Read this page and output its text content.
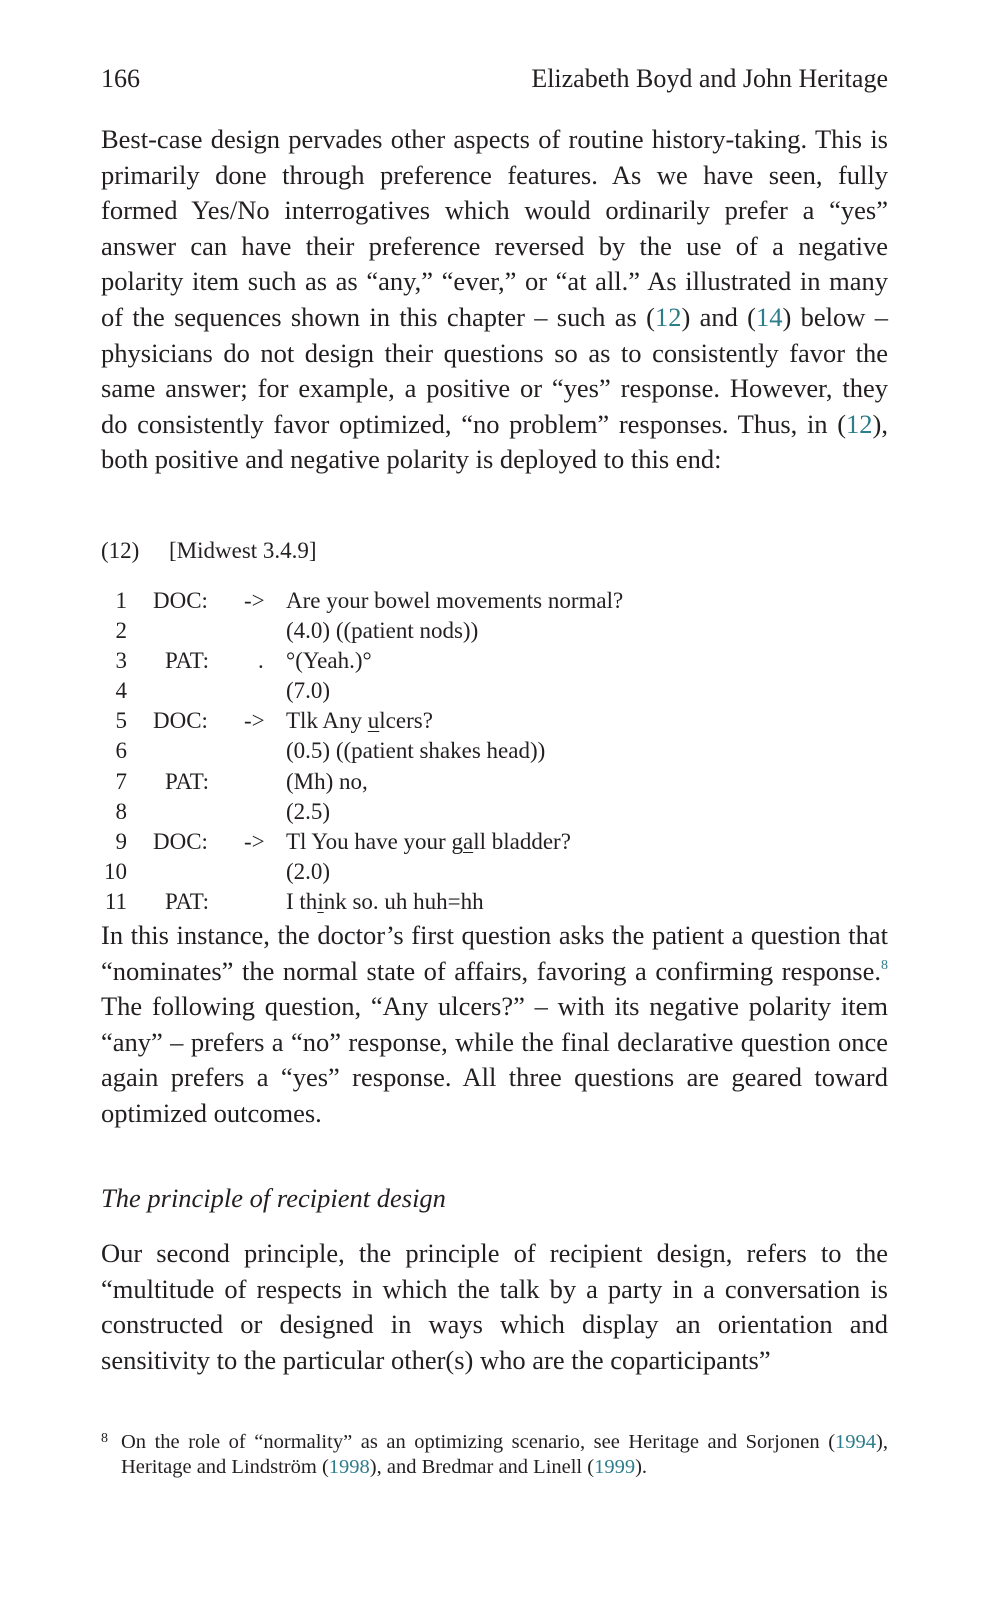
166	Elizabeth Boyd and John Heritage

Best-case design pervades other aspects of routine history-taking. This is primarily done through preference features. As we have seen, fully formed Yes/No interrogatives which would ordinarily prefer a “yes” answer can have their preference reversed by the use of a negative polarity item such as as “any,” “ever,” or “at all.” As illustrated in many of the sequences shown in this chapter – such as (12) and (14) below – physicians do not design their questions so as to consistently favor the same answer; for example, a positive or “yes” response. However, they do consistently favor optimized, “no problem” responses. Thus, in (12), both positive and negative polarity is deployed to this end:

(12) [Midwest 3.4.9]
1 DOC: -> Are your bowel movements normal?
2	(4.0) ((patient nods))
3 PAT: . °(Yeah.)°
4	(7.0)
5 DOC: -> Tlk Any ulcers?
6	(0.5) ((patient shakes head))
7 PAT:	(Mh) no,
8	(2.5)
9 DOC: -> Tl You have your gall bladder?
10	(2.0)
11 PAT:	I think so. uh huh=hh

In this instance, the doctor’s first question asks the patient a question that “nominates” the normal state of affairs, favoring a confirming response.$^8$ The following question, “Any ulcers?” – with its negative polarity item “any” – prefers a “no” response, while the final declarative question once again prefers a “yes” response. All three questions are geared toward optimized outcomes.

The principle of recipient design

Our second principle, the principle of recipient design, refers to the “multitude of respects in which the talk by a party in a conversation is constructed or designed in ways which display an orientation and sensitivity to the particular other(s) who are the coparticipants”

8 On the role of “normality” as an optimizing scenario, see Heritage and Sorjonen (1994), Heritage and Lindström (1998), and Bredmar and Linell (1999).
